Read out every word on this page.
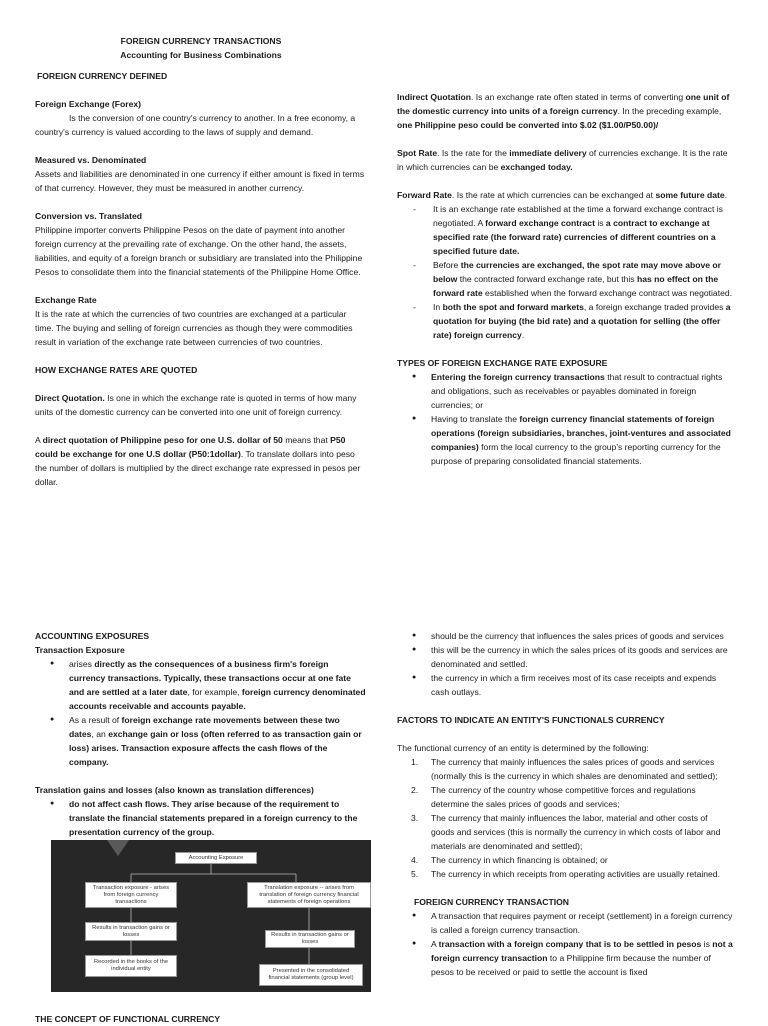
FOREIGN CURRENCY TRANSACTIONS

Accounting for Business Combinations

FOREIGN CURRENCY DEFINED

Foreign Exchange (Forex)

Is the conversion of one country's currency to another. In a free economy, a country's currency is valued according to the laws of supply and demand.

Measured vs. Denominated

Assets and liabilities are denominated in one currency if either amount is fixed in terms of that currency. However, they must be measured in another currency.

Conversion vs. Translated

Philippine importer converts Philippine Pesos on the date of payment into another foreign currency at the prevailing rate of exchange. On the other hand, the assets, liabilities, and equity of a foreign branch or subsidiary are translated into the Philippine Pesos to consolidate them into the financial statements of the Philippine Home Office.

Exchange Rate

It is the rate at which the currencies of two countries are exchanged at a particular time. The buying and selling of foreign currencies as though they were commodities result in variation of the exchange rate between currencies of two countries.

HOW EXCHANGE RATES ARE QUOTED

Direct Quotation. Is one in which the exchange rate is quoted in terms of how many units of the domestic currency can be converted into one unit of foreign currency.

A direct quotation of Philippine peso for one U.S. dollar of 50 means that P50 could be exchange for one U.S dollar (P50:1dollar). To translate dollars into peso the number of dollars is multiplied by the direct exchange rate expressed in pesos per dollar.

Indirect Quotation. Is an exchange rate often stated in terms of converting one unit of the domestic currency into units of a foreign currency. In the preceding example, one Philippine peso could be converted into $.02 ($1.00/P50.00)/

Spot Rate. Is the rate for the immediate delivery of currencies exchange. It is the rate in which currencies can be exchanged today.

Forward Rate. Is the rate at which currencies can be exchanged at some future date.

- It is an exchange rate established at the time a forward exchange contract is negotiated. A forward exchange contract is a contract to exchange at specified rate (the forward rate) currencies of different countries on a specified future date.
- Before the currencies are exchanged, the spot rate may move above or below the contracted forward exchange rate, but this has no effect on the forward rate established when the forward exchange contract was negotiated.
- In both the spot and forward markets, a foreign exchange traded provides a quotation for buying (the bid rate) and a quotation for selling (the offer rate) foreign currency.

TYPES OF FOREIGN EXCHANGE RATE EXPOSURE

● Entering the foreign currency transactions that result to contractual rights and obligations, such as receivables or payables dominated in foreign currencies; or
● Having to translate the foreign currency financial statements of foreign operations (foreign subsidiaries, branches, joint-ventures and associated companies) form the local currency to the group's reporting currency for the purpose of preparing consolidated financial statements.

ACCOUNTING EXPOSURES

Transaction Exposure

● arises directly as the consequences of a business firm's foreign currency transactions. Typically, these transactions occur at one fate and are settled at a later date, for example, foreign currency denominated accounts receivable and accounts payable.
● As a result of foreign exchange rate movements between these two dates, an exchange gain or loss (often referred to as transaction gain or loss) arises. Transaction exposure affects the cash flows of the company.

Translation gains and losses (also known as translation differences)

● do not affect cash flows. They arise because of the requirement to translate the financial statements prepared in a foreign currency to the presentation currency of the group.
Accounting Exposure
Transaction exposure - arises from foreign currency transactions
Results in transaction gains or losses
Recorded in the books of the individual entity
Translation exposure -- arises from translation of foreign currency financial statements of foreign operations
Results in transaction gains or losses
Presented in the consolidated financial statements (group level)

THE CONCEPT OF FUNCTIONAL CURRENCY

● should be the currency that influences the sales prices of goods and services
● this will be the currency in which the sales prices of its goods and services are denominated and settled.
● the currency in which a firm receives most of its case receipts and expends cash outlays.

FACTORS TO INDICATE AN ENTITY'S FUNCTIONALS CURRENCY

The functional currency of an entity is determined by the following:

1. The currency that mainly influences the sales prices of goods and services (normally this is the currency in which shales are denominated and settled);
2. The currency of the country whose competitive forces and regulations determine the sales prices of goods and services;
3. The currency that mainly influences the labor, material and other costs of goods and services (this is normally the currency in which costs of labor and materials are denominated and settled);
4. The currency in which financing is obtained; or
5. The currency in which receipts from operating activities are usually retained.

FOREIGN CURRENCY TRANSACTION

● A transaction that requires payment or receipt (settlement) in a foreign currency is called a foreign currency transaction.
● A transaction with a foreign company that is to be settled in pesos is not a foreign currency transaction to a Philippine firm because the number of pesos to be received or paid to settle the account is fixed
